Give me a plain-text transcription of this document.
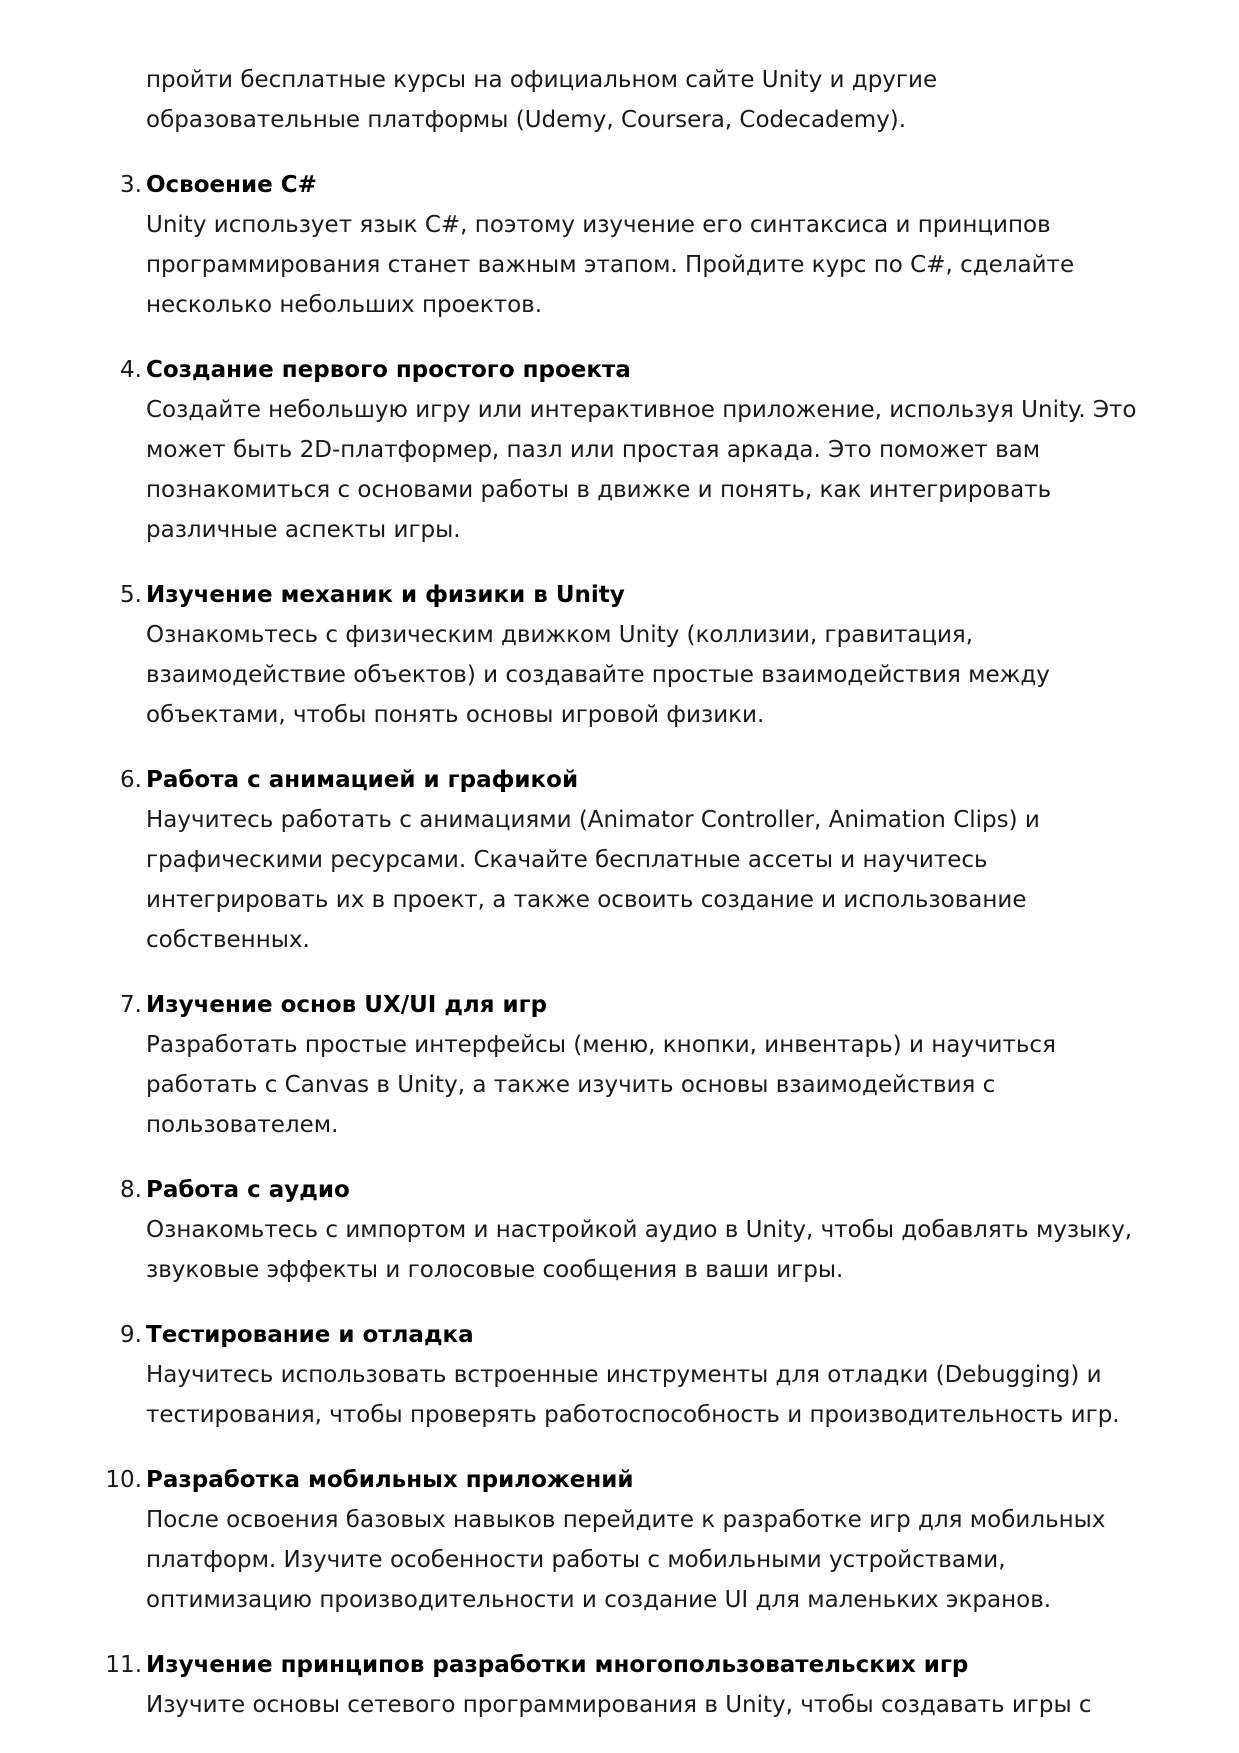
пройти бесплатные курсы на официальном сайте Unity и другие образовательные платформы (Udemy, Coursera, Codecademy).
3. Освоение C#
Unity использует язык C#, поэтому изучение его синтаксиса и принципов программирования станет важным этапом. Пройдите курс по C#, сделайте несколько небольших проектов.
4. Создание первого простого проекта
Создайте небольшую игру или интерактивное приложение, используя Unity. Это может быть 2D-платформер, пазл или простая аркада. Это поможет вам познакомиться с основами работы в движке и понять, как интегрировать различные аспекты игры.
5. Изучение механик и физики в Unity
Ознакомьтесь с физическим движком Unity (коллизии, гравитация, взаимодействие объектов) и создавайте простые взаимодействия между объектами, чтобы понять основы игровой физики.
6. Работа с анимацией и графикой
Научитесь работать с анимациями (Animator Controller, Animation Clips) и графическими ресурсами. Скачайте бесплатные ассеты и научитесь интегрировать их в проект, а также освоить создание и использование собственных.
7. Изучение основ UX/UI для игр
Разработать простые интерфейсы (меню, кнопки, инвентарь) и научиться работать с Canvas в Unity, а также изучить основы взаимодействия с пользователем.
8. Работа с аудио
Ознакомьтесь с импортом и настройкой аудио в Unity, чтобы добавлять музыку, звуковые эффекты и голосовые сообщения в ваши игры.
9. Тестирование и отладка
Научитесь использовать встроенные инструменты для отладки (Debugging) и тестирования, чтобы проверять работоспособность и производительность игр.
10. Разработка мобильных приложений
После освоения базовых навыков перейдите к разработке игр для мобильных платформ. Изучите особенности работы с мобильными устройствами, оптимизацию производительности и создание UI для маленьких экранов.
11. Изучение принципов разработки многопользовательских игр
Изучите основы сетевого программирования в Unity, чтобы создавать игры с
